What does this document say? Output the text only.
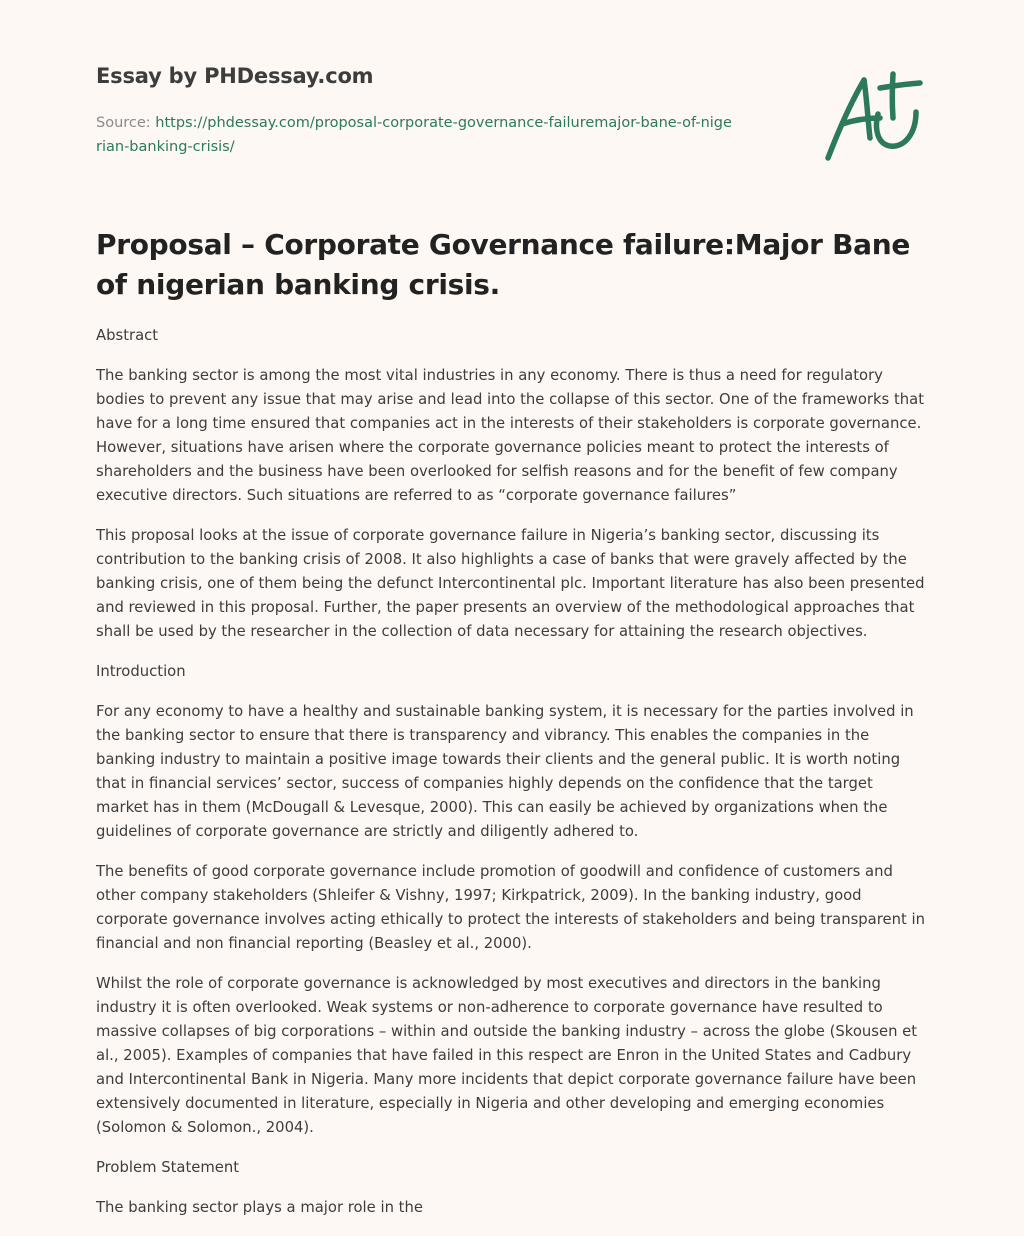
Essay by PHDessay.com
Source: https://phdessay.com/proposal-corporate-governance-failuremajor-bane-of-nigerian-banking-crisis/
Proposal – Corporate Governance failure:Major Bane of nigerian banking crisis.

Abstract

The banking sector is among the most vital industries in any economy. There is thus a need for regulatory bodies to prevent any issue that may arise and lead into the collapse of this sector. One of the frameworks that have for a long time ensured that companies act in the interests of their stakeholders is corporate governance. However, situations have arisen where the corporate governance policies meant to protect the interests of shareholders and the business have been overlooked for selfish reasons and for the benefit of few company executive directors. Such situations are referred to as “corporate governance failures”

This proposal looks at the issue of corporate governance failure in Nigeria’s banking sector, discussing its contribution to the banking crisis of 2008. It also highlights a case of banks that were gravely affected by the banking crisis, one of them being the defunct Intercontinental plc. Important literature has also been presented and reviewed in this proposal. Further, the paper presents an overview of the methodological approaches that shall be used by the researcher in the collection of data necessary for attaining the research objectives.

Introduction

For any economy to have a healthy and sustainable banking system, it is necessary for the parties involved in the banking sector to ensure that there is transparency and vibrancy. This enables the companies in the banking industry to maintain a positive image towards their clients and the general public. It is worth noting that in financial services’ sector, success of companies highly depends on the confidence that the target market has in them (McDougall & Levesque, 2000). This can easily be achieved by organizations when the guidelines of corporate governance are strictly and diligently adhered to.

The benefits of good corporate governance include promotion of goodwill and confidence of customers and other company stakeholders (Shleifer & Vishny, 1997; Kirkpatrick, 2009). In the banking industry, good corporate governance involves acting ethically to protect the interests of stakeholders and being transparent in financial and non financial reporting (Beasley et al., 2000).

Whilst the role of corporate governance is acknowledged by most executives and directors in the banking industry it is often overlooked. Weak systems or non-adherence to corporate governance have resulted to massive collapses of big corporations – within and outside the banking industry – across the globe (Skousen et al., 2005). Examples of companies that have failed in this respect are Enron in the United States and Cadbury and Intercontinental Bank in Nigeria. Many more incidents that depict corporate governance failure have been extensively documented in literature, especially in Nigeria and other developing and emerging economies (Solomon & Solomon., 2004).

Problem Statement

The banking sector plays a major role in the
